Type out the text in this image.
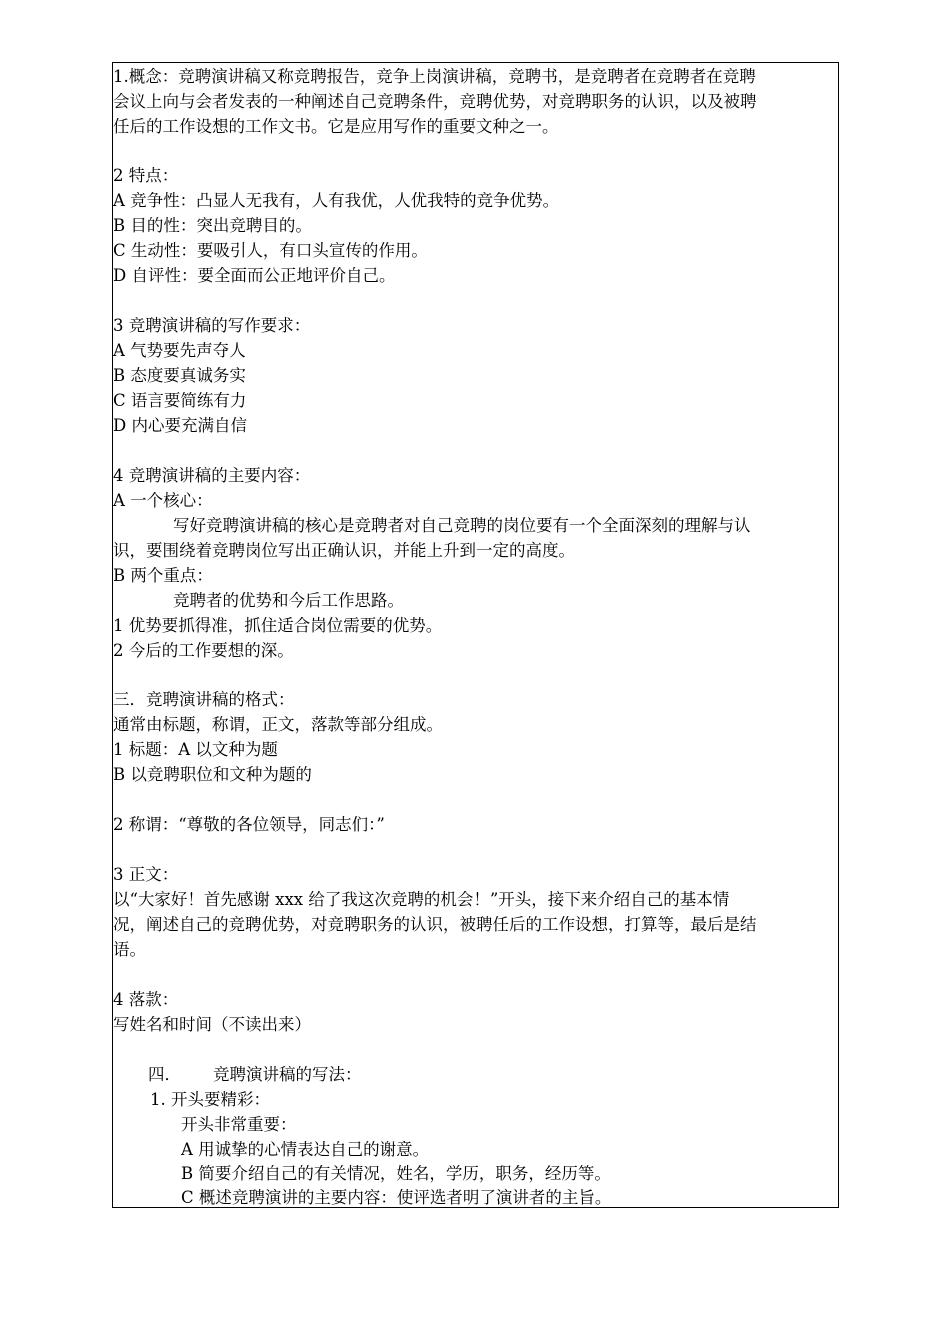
1.概念：竞聘演讲稿又称竞聘报告，竞争上岗演讲稿，竞聘书，是竞聘者在竞聘者在竞聘
会议上向与会者发表的一种阐述自己竞聘条件，竞聘优势，对竞聘职务的认识，以及被聘
任后的工作设想的工作文书。它是应用写作的重要文种之一。
2 特点：
A 竞争性：凸显人无我有，人有我优，人优我特的竞争优势。
B 目的性：突出竞聘目的。
C 生动性：要吸引人，有口头宣传的作用。
D 自评性：要全面而公正地评价自己。
3 竞聘演讲稿的写作要求：
A 气势要先声夺人
B 态度要真诚务实
C 语言要简练有力
D 内心要充满自信
4 竞聘演讲稿的主要内容：
A 一个核心：
写好竞聘演讲稿的核心是竞聘者对自己竞聘的岗位要有一个全面深刻的理解与认
识，要围绕着竞聘岗位写出正确认识，并能上升到一定的高度。
B 两个重点：
竞聘者的优势和今后工作思路。
1 优势要抓得准，抓住适合岗位需要的优势。
2 今后的工作要想的深。
三．竞聘演讲稿的格式：
通常由标题，称谓，正文，落款等部分组成。
1 标题：A 以文种为题
B 以竞聘职位和文种为题的
2 称谓：“尊敬的各位领导，同志们：”
3 正文：
以“大家好！首先感谢 xxx 给了我这次竞聘的机会！”开头，接下来介绍自己的基本情
况，阐述自己的竞聘优势，对竞聘职务的认识，被聘任后的工作设想，打算等，最后是结
语。
4 落款：
写姓名和时间（不读出来）
四．	竞聘演讲稿的写法：
1. 开头要精彩：
开头非常重要：
A 用诚挚的心情表达自己的谢意。
B 简要介绍自己的有关情况，姓名，学历，职务，经历等。
C 概述竞聘演讲的主要内容：使评选者明了演讲者的主旨。
